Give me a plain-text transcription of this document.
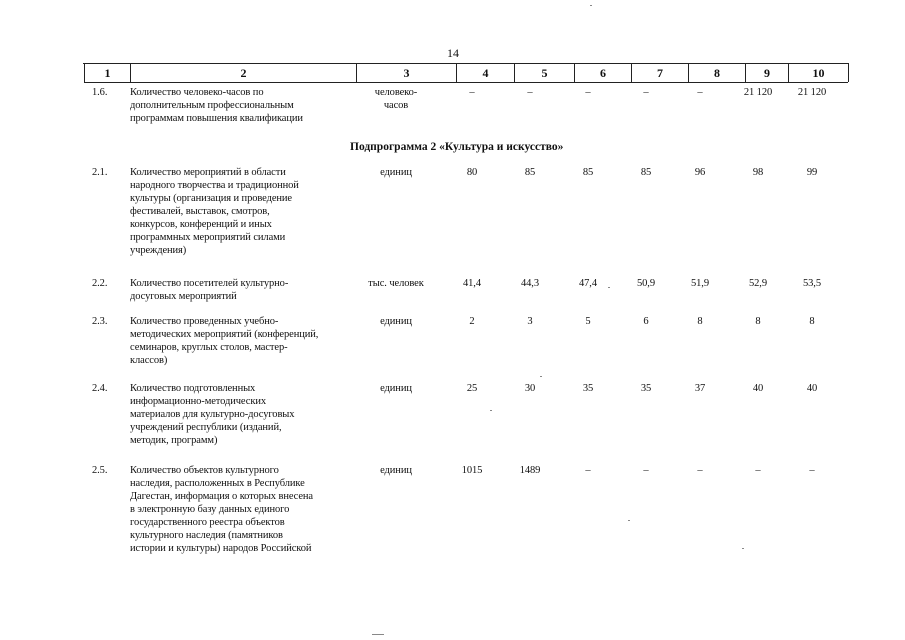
14
1	2	3	4	5	6	7	8	9	10
Подпрограмма 2 «Культура и искусство»
1.6. Количество человеко-часов по
дополнительным профессиональным
программам повышения квалификации
человеко-
часов
–	–	–	–	–	21 120	21 120
2.1. Количество мероприятий в области
народного творчества и традиционной
культуры (организация и проведение
фестивалей, выставок, смотров,
конкурсов, конференций и иных
программных мероприятий силами
учреждения)
единиц	80	85	85	85	96	98	99
2.2. Количество посетителей культурно-
досуговых мероприятий
тыс. человек	41,4	44,3	47,4	50,9	51,9	52,9	53,5
2.3. Количество проведенных учебно-
методических мероприятий (конференций,
семинаров, круглых столов, мастер-
классов)
единиц	2	3	5	6	8	8	8
2.4. Количество подготовленных
информационно-методических
материалов для культурно-досуговых
учреждений республики (изданий,
методик, программ)
единиц	25	30	35	35	37	40	40
2.5. Количество объектов культурного
наследия, расположенных в Республике
Дагестан, информация о которых внесена
в электронную базу данных единого
государственного реестра объектов
культурного наследия (памятников
истории и культуры) народов Российской
единиц	1015	1489	–	–	–	–	–
